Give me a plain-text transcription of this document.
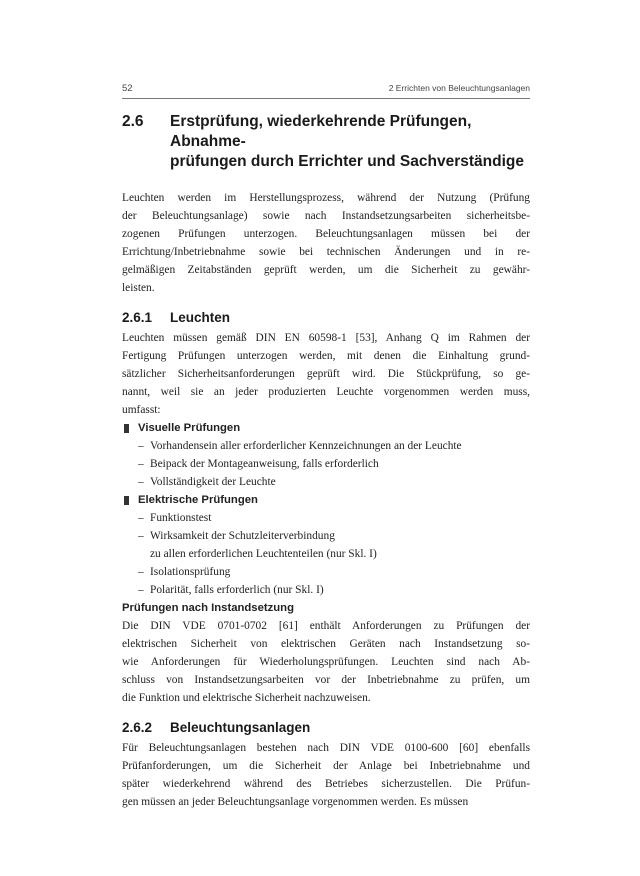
52	2 Errichten von Beleuchtungsanlagen
2.6	Erstprüfung, wiederkehrende Prüfungen, Abnahme-
prüfungen durch Errichter und Sachverständige
Leuchten werden im Herstellungsprozess, während der Nutzung (Prüfung
der Beleuchtungsanlage) sowie nach Instandsetzungsarbeiten sicherheitsbe-
zogenen Prüfungen unterzogen. Beleuchtungsanlagen müssen bei der
Errichtung/Inbetriebnahme sowie bei technischen Änderungen und in re-
gelmäßigen Zeitabständen geprüft werden, um die Sicherheit zu gewähr-
leisten.
2.6.1	Leuchten
Leuchten müssen gemäß DIN EN 60598-1 [53], Anhang Q im Rahmen der
Fertigung Prüfungen unterzogen werden, mit denen die Einhaltung grund-
sätzlicher Sicherheitsanforderungen geprüft wird. Die Stückprüfung, so ge-
nannt, weil sie an jeder produzierten Leuchte vorgenommen werden muss,
umfasst:
Visuelle Prüfungen
– Vorhandensein aller erforderlicher Kennzeichnungen an der Leuchte
– Beipack der Montageanweisung, falls erforderlich
– Vollständigkeit der Leuchte
Elektrische Prüfungen
– Funktionstest
– Wirksamkeit der Schutzleiterverbindung
zu allen erforderlichen Leuchtenteilen (nur Skl. I)
– Isolationsprüfung
– Polarität, falls erforderlich (nur Skl. I)
Prüfungen nach Instandsetzung
Die DIN VDE 0701-0702 [61] enthält Anforderungen zu Prüfungen der
elektrischen Sicherheit von elektrischen Geräten nach Instandsetzung so-
wie Anforderungen für Wiederholungsprüfungen. Leuchten sind nach Ab-
schluss von Instandsetzungsarbeiten vor der Inbetriebnahme zu prüfen, um
die Funktion und elektrische Sicherheit nachzuweisen.
2.6.2	Beleuchtungsanlagen
Für Beleuchtungsanlagen bestehen nach DIN VDE 0100-600 [60] ebenfalls
Prüfanforderungen, um die Sicherheit der Anlage bei Inbetriebnahme und
später wiederkehrend während des Betriebes sicherzustellen. Die Prüfun-
gen müssen an jeder Beleuchtungsanlage vorgenommen werden. Es müssen
